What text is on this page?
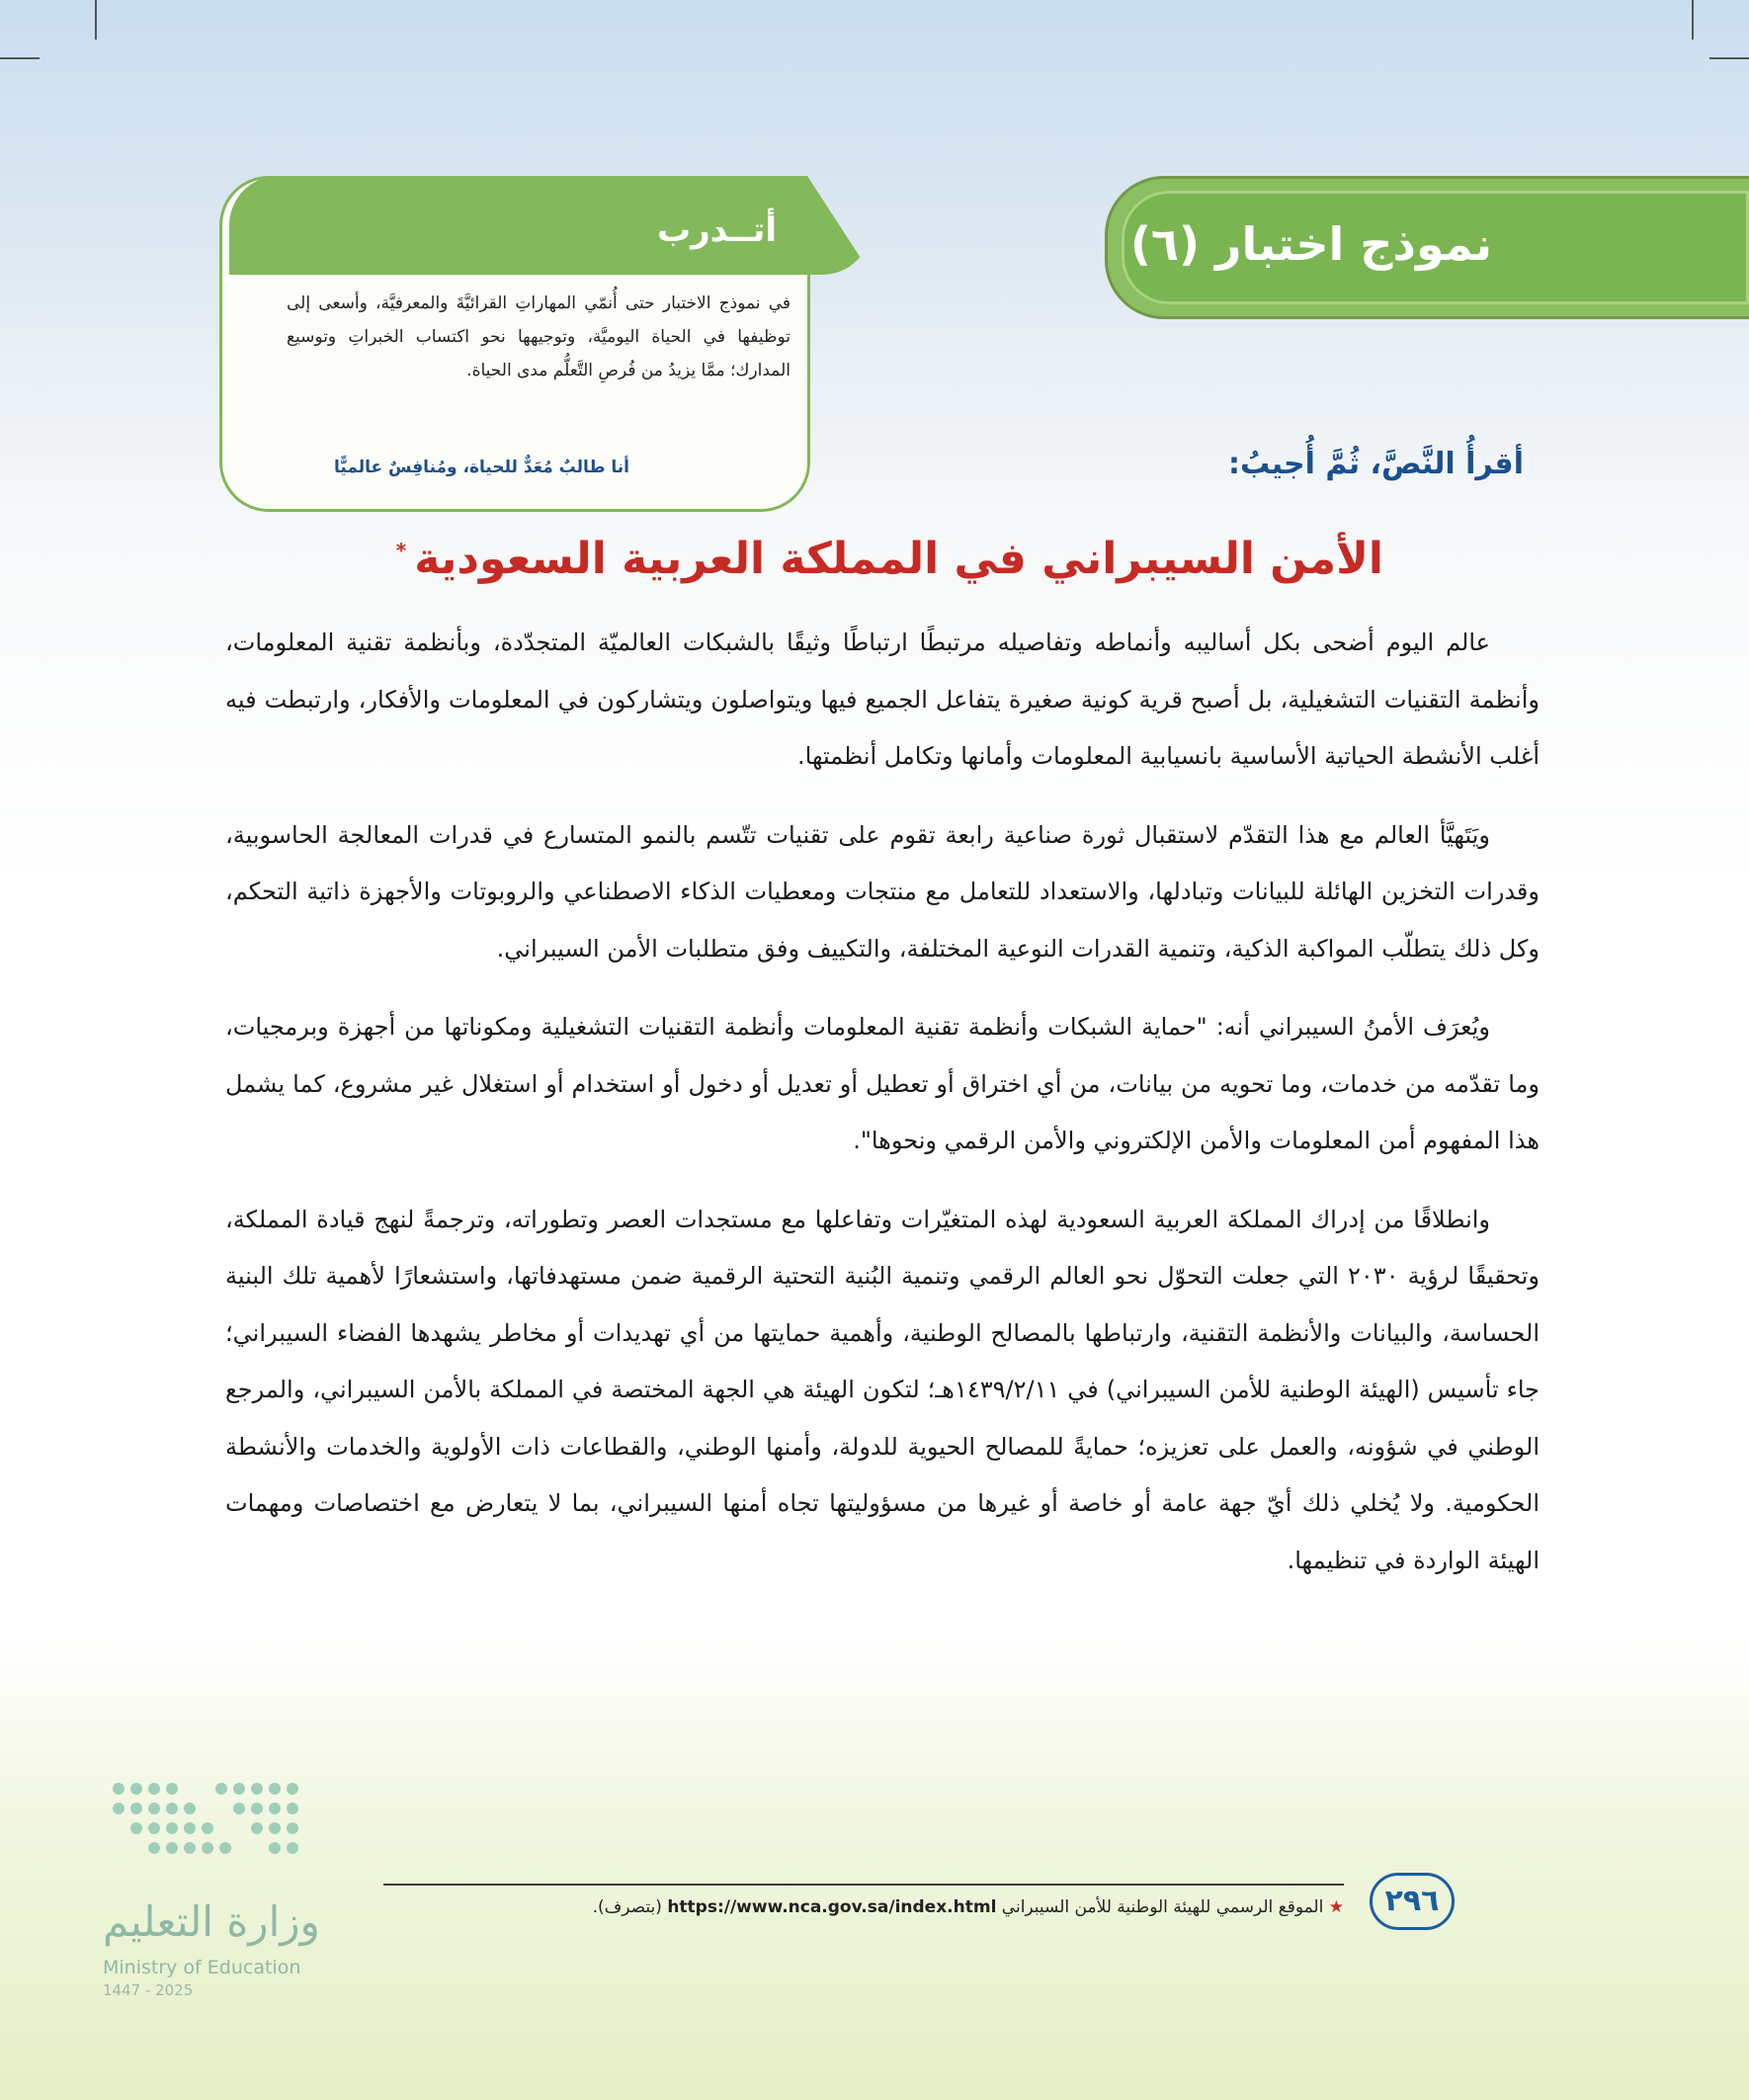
نموذج اختبار (٦)
أتــدرب
في نموذج الاختبار حتى أُنمّي المهاراتِ القرائيَّةَ والمعرفيَّة، وأسعى إلى توظيفها في الحياة اليوميَّة، وتوجيهها نحو اكتساب الخبراتِ وتوسيع المدارك؛ ممَّا يزيدُ من فُرصِ التَّعلُّم مدى الحياة.
أنا طالبٌ مُعَدٌّ للحياة، ومُنافِسٌ عالميًّا	أقرأُ النَّصَّ، ثُمَّ أُجيبُ:
الأمن السيبراني في المملكة العربية السعودية*

عالم اليوم أضحى بكل أساليبه وأنماطه وتفاصيله مرتبطًا ارتباطًا وثيقًا بالشبكات العالميّة المتجدّدة، وبأنظمة تقنية المعلومات، وأنظمة التقنيات التشغيلية، بل أصبح قرية كونية صغيرة يتفاعل الجميع فيها ويتواصلون ويتشاركون في المعلومات والأفكار، وارتبطت فيه أغلب الأنشطة الحياتية الأساسية بانسيابية المعلومات وأمانها وتكامل أنظمتها.

ويَتَهيَّأ العالم مع هذا التقدّم لاستقبال ثورة صناعية رابعة تقوم على تقنيات تتّسم بالنمو المتسارع في قدرات المعالجة الحاسوبية، وقدرات التخزين الهائلة للبيانات وتبادلها، والاستعداد للتعامل مع منتجات ومعطيات الذكاء الاصطناعي والروبوتات والأجهزة ذاتية التحكم، وكل ذلك يتطلّب المواكبة الذكية، وتنمية القدرات النوعية المختلفة، والتكييف وفق متطلبات الأمن السيبراني.

ويُعرَف الأمنُ السيبراني أنه: "حماية الشبكات وأنظمة تقنية المعلومات وأنظمة التقنيات التشغيلية ومكوناتها من أجهزة وبرمجيات، وما تقدّمه من خدمات، وما تحويه من بيانات، من أي اختراق أو تعطيل أو تعديل أو دخول أو استخدام أو استغلال غير مشروع، كما يشمل هذا المفهوم أمن المعلومات والأمن الإلكتروني والأمن الرقمي ونحوها".

وانطلاقًا من إدراك المملكة العربية السعودية لهذه المتغيّرات وتفاعلها مع مستجدات العصر وتطوراته، وترجمةً لنهج قيادة المملكة، وتحقيقًا لرؤية ٢٠٣٠ التي جعلت التحوّل نحو العالم الرقمي وتنمية البُنية التحتية الرقمية ضمن مستهدفاتها، واستشعارًا لأهمية تلك البنية الحساسة، والبيانات والأنظمة التقنية، وارتباطها بالمصالح الوطنية، وأهمية حمايتها من أي تهديدات أو مخاطر يشهدها الفضاء السيبراني؛ جاء تأسيس (الهيئة الوطنية للأمن السيبراني) في ١٤٣٩/٢/١١هـ؛ لتكون الهيئة هي الجهة المختصة في المملكة بالأمن السيبراني، والمرجع الوطني في شؤونه، والعمل على تعزيزه؛ حمايةً للمصالح الحيوية للدولة، وأمنها الوطني، والقطاعات ذات الأولوية والخدمات والأنشطة الحكومية. ولا يُخلي ذلك أيّ جهة عامة أو خاصة أو غيرها من مسؤوليتها تجاه أمنها السيبراني، بما لا يتعارض مع اختصاصات ومهمات الهيئة الواردة في تنظيمها.

★ الموقع الرسمي للهيئة الوطنية للأمن السيبراني https://www.nca.gov.sa/index.html (بتصرف).	٢٩٦
وزارة التعليم
Ministry of Education
2025 - 1447
